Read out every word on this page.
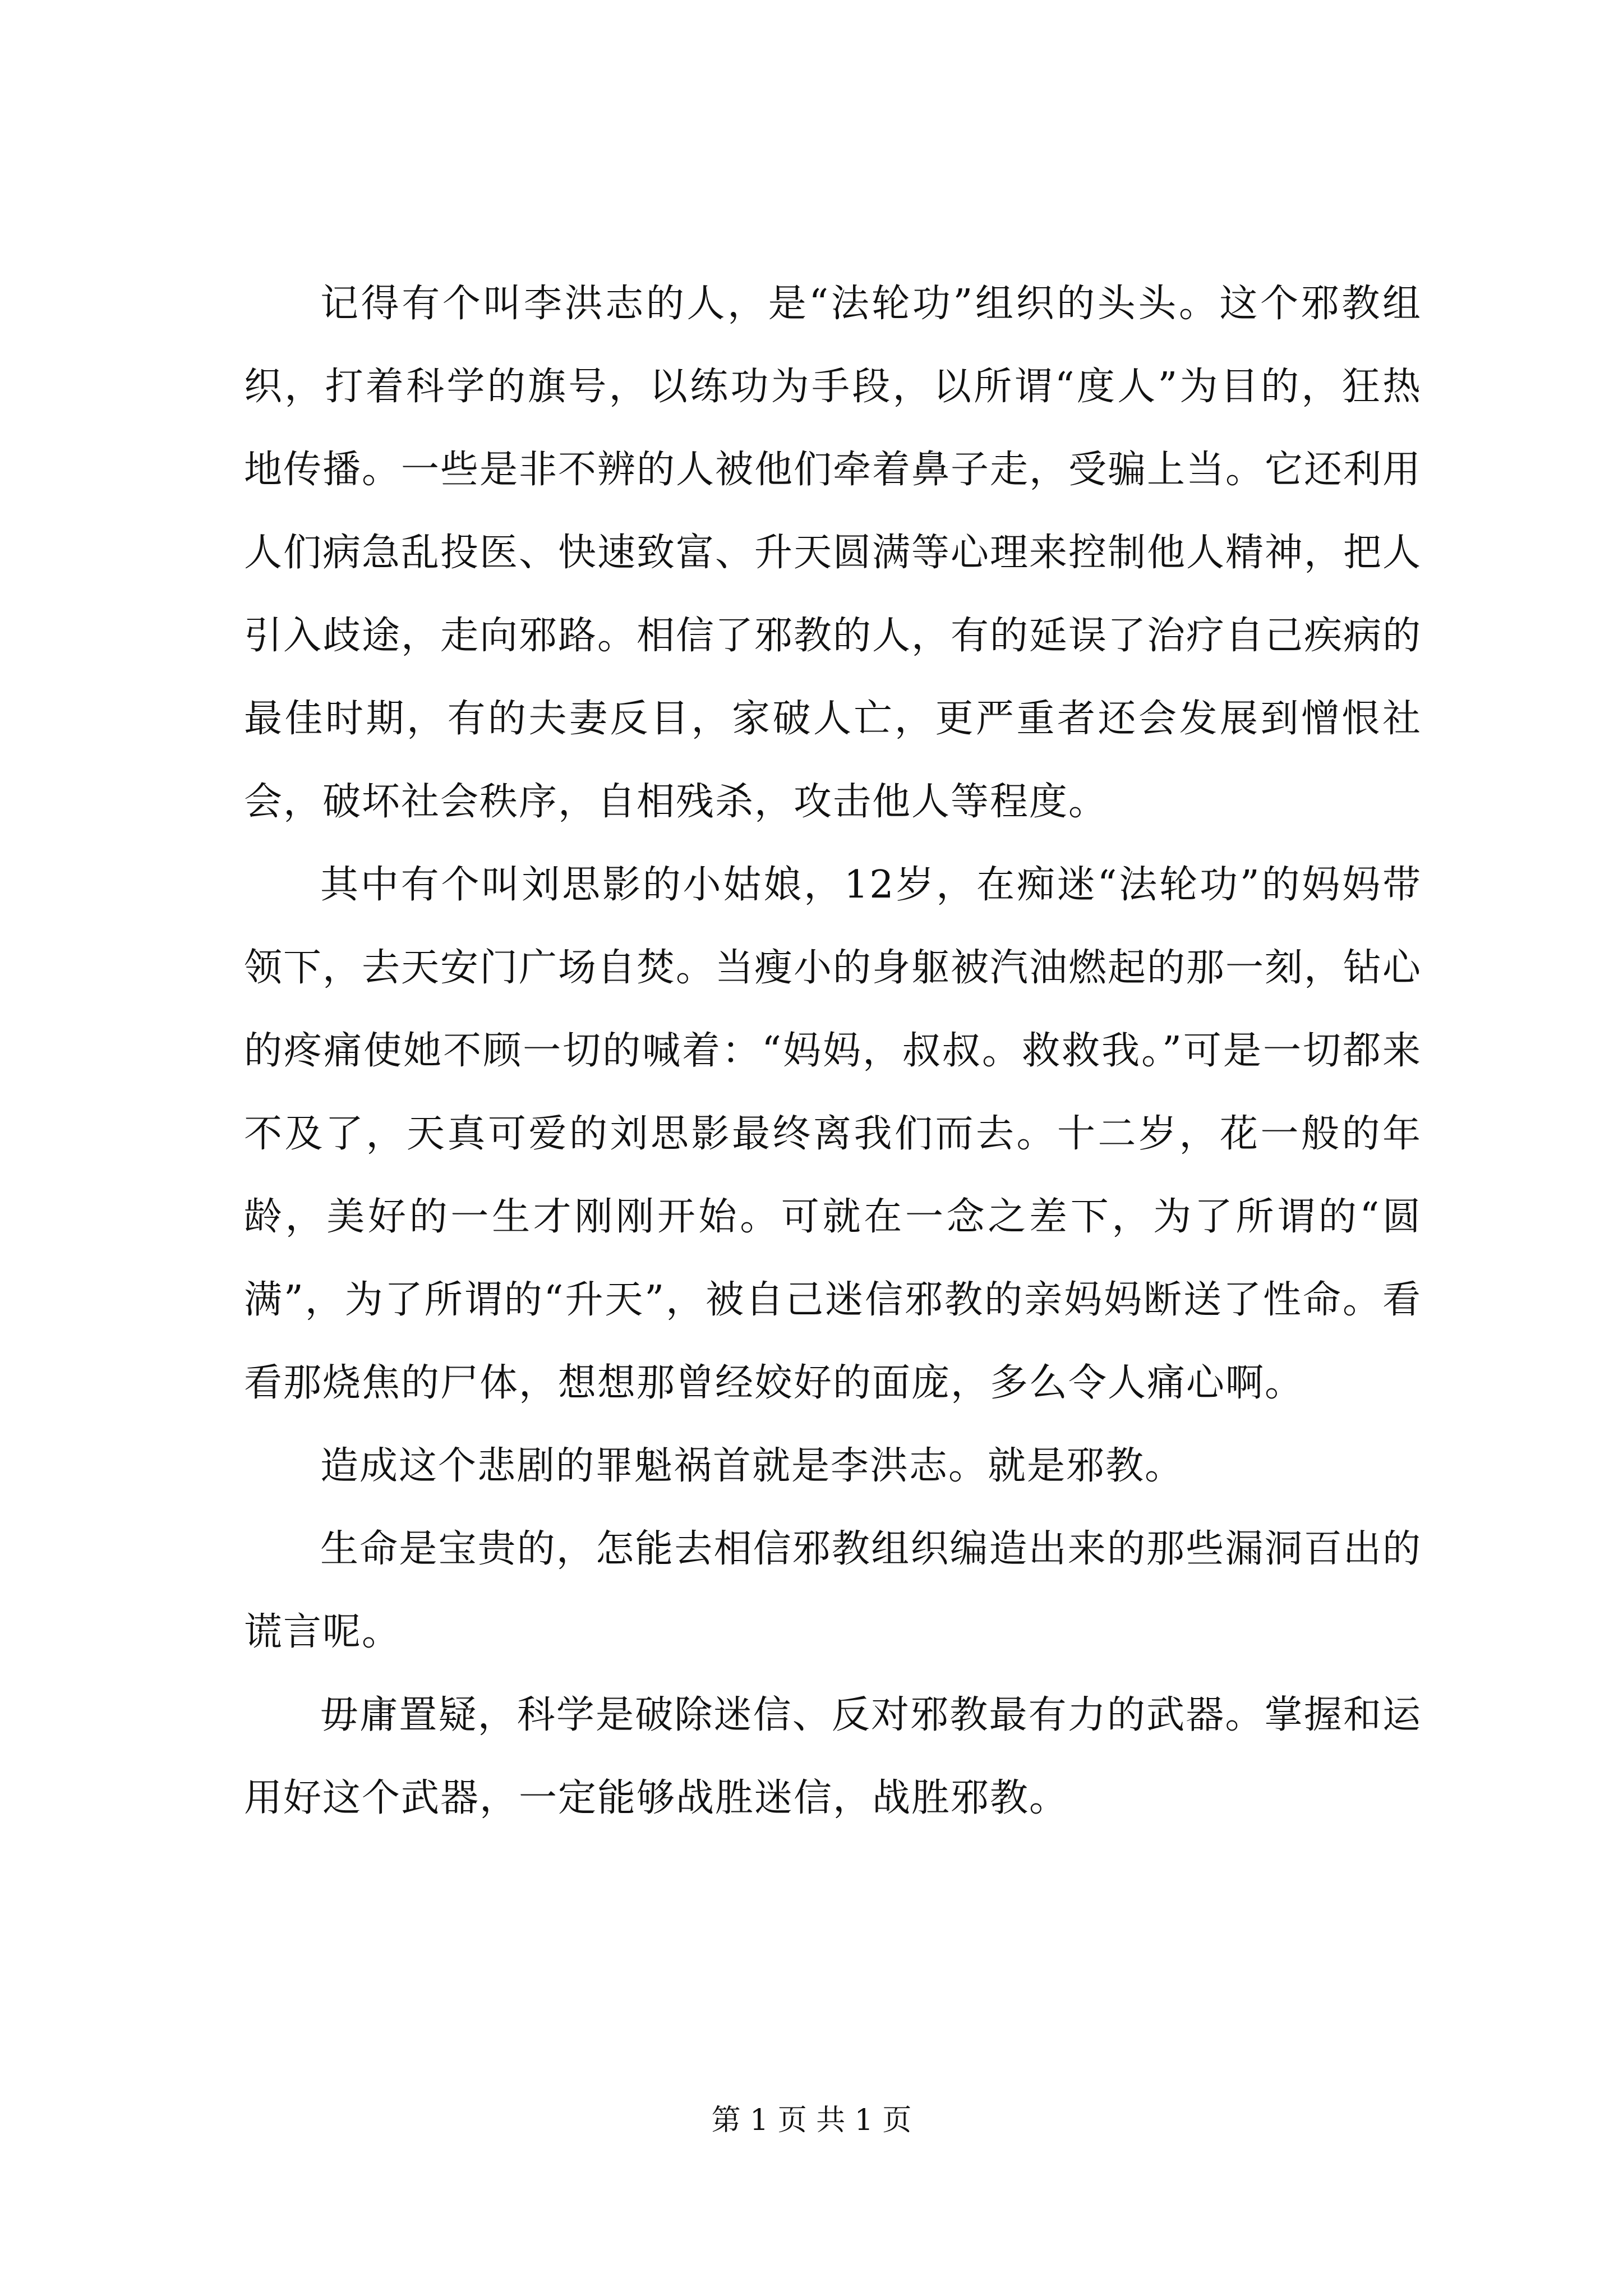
记得有个叫李洪志的人，是“法轮功”组织的头头。这个邪教组织，打着科学的旗号，以练功为手段，以所谓“度人”为目的，狂热地传播。一些是非不辨的人被他们牵着鼻子走，受骗上当。它还利用人们病急乱投医、快速致富、升天圆满等心理来控制他人精神，把人引入歧途，走向邪路。相信了邪教的人，有的延误了治疗自己疾病的最佳时期，有的夫妻反目，家破人亡，更严重者还会发展到憎恨社会，破坏社会秩序，自相残杀，攻击他人等程度。

其中有个叫刘思影的小姑娘，12岁，在痴迷“法轮功”的妈妈带领下，去天安门广场自焚。当瘦小的身躯被汽油燃起的那一刻，钻心的疼痛使她不顾一切的喊着：“妈妈，叔叔。救救我。”可是一切都来不及了，天真可爱的刘思影最终离我们而去。十二岁，花一般的年龄，美好的一生才刚刚开始。可就在一念之差下，为了所谓的“圆满”，为了所谓的“升天”，被自己迷信邪教的亲妈妈断送了性命。看看那烧焦的尸体，想想那曾经姣好的面庞，多么令人痛心啊。

造成这个悲剧的罪魁祸首就是李洪志。就是邪教。

生命是宝贵的，怎能去相信邪教组织编造出来的那些漏洞百出的谎言呢。

毋庸置疑，科学是破除迷信、反对邪教最有力的武器。掌握和运用好这个武器，一定能够战胜迷信，战胜邪教。

第 1 页 共 1 页
